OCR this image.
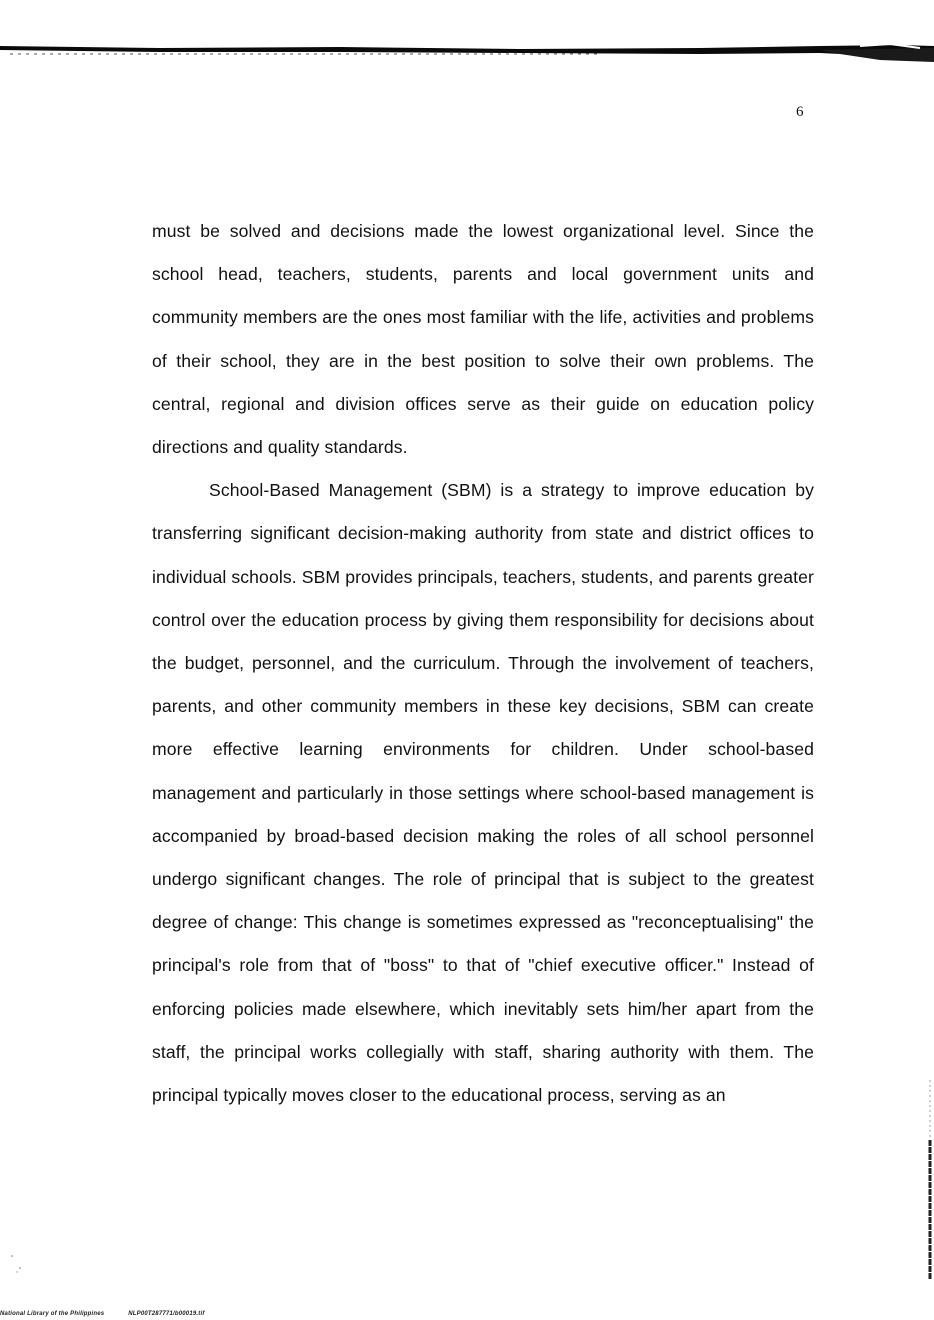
6

must be solved and decisions made the lowest organizational level. Since the school head, teachers, students, parents and local government units and community members are the ones most familiar with the life, activities and problems of their school, they are in the best position to solve their own problems. The central, regional and division offices serve as their guide on education policy directions and quality standards.

School-Based Management (SBM) is a strategy to improve education by transferring significant decision-making authority from state and district offices to individual schools. SBM provides principals, teachers, students, and parents greater control over the education process by giving them responsibility for decisions about the budget, personnel, and the curriculum. Through the involvement of teachers, parents, and other community members in these key decisions, SBM can create more effective learning environments for children. Under school-based management and particularly in those settings where school-based management is accompanied by broad-based decision making the roles of all school personnel undergo significant changes. The role of principal that is subject to the greatest degree of change: This change is sometimes expressed as "reconceptualising" the principal's role from that of "boss" to that of "chief executive officer." Instead of enforcing policies made elsewhere, which inevitably sets him/her apart from the staff, the principal works collegially with staff, sharing authority with them. The principal typically moves closer to the educational process, serving as an

National Library of the Philippines	NLP00T287771/b00019.tif
